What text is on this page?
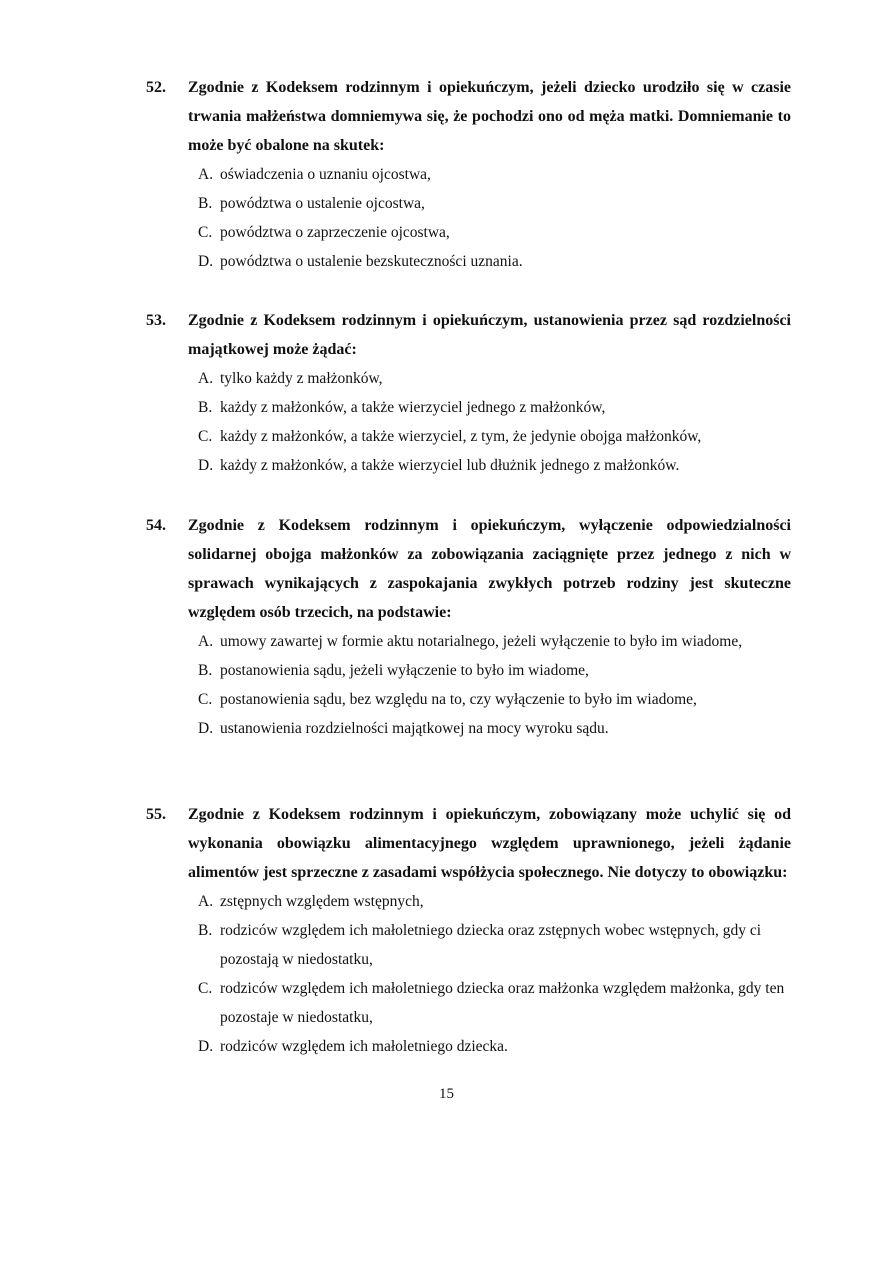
52. Zgodnie z Kodeksem rodzinnym i opiekuńczym, jeżeli dziecko urodziło się w czasie trwania małżeństwa domniemywa się, że pochodzi ono od męża matki. Domniemanie to może być obalone na skutek:
A. oświadczenia o uznaniu ojcostwa,
B. powództwa o ustalenie ojcostwa,
C. powództwa o zaprzeczenie ojcostwa,
D. powództwa o ustalenie bezskuteczności uznania.
53. Zgodnie z Kodeksem rodzinnym i opiekuńczym, ustanowienia przez sąd rozdzielności majątkowej może żądać:
A. tylko każdy z małżonków,
B. każdy z małżonków, a także wierzyciel jednego z małżonków,
C. każdy z małżonków, a także wierzyciel, z tym, że jedynie obojga małżonków,
D. każdy z małżonków, a także wierzyciel lub dłużnik jednego z małżonków.
54. Zgodnie z Kodeksem rodzinnym i opiekuńczym, wyłączenie odpowiedzialności solidarnej obojga małżonków za zobowiązania zaciągnięte przez jednego z nich w sprawach wynikających z zaspokajania zwykłych potrzeb rodziny jest skuteczne względem osób trzecich, na podstawie:
A. umowy zawartej w formie aktu notarialnego, jeżeli wyłączenie to było im wiadome,
B. postanowienia sądu, jeżeli wyłączenie to było im wiadome,
C. postanowienia sądu, bez względu na to, czy wyłączenie to było im wiadome,
D. ustanowienia rozdzielności majątkowej na mocy wyroku sądu.
55. Zgodnie z Kodeksem rodzinnym i opiekuńczym, zobowiązany może uchylić się od wykonania obowiązku alimentacyjnego względem uprawnionego, jeżeli żądanie alimentów jest sprzeczne z zasadami współżycia społecznego. Nie dotyczy to obowiązku:
A. zstępnych względem wstępnych,
B. rodziców względem ich małoletniego dziecka oraz zstępnych wobec wstępnych, gdy ci pozostają w niedostatku,
C. rodziców względem ich małoletniego dziecka oraz małżonka względem małżonka, gdy ten pozostaje w niedostatku,
D. rodziców względem ich małoletniego dziecka.
15
